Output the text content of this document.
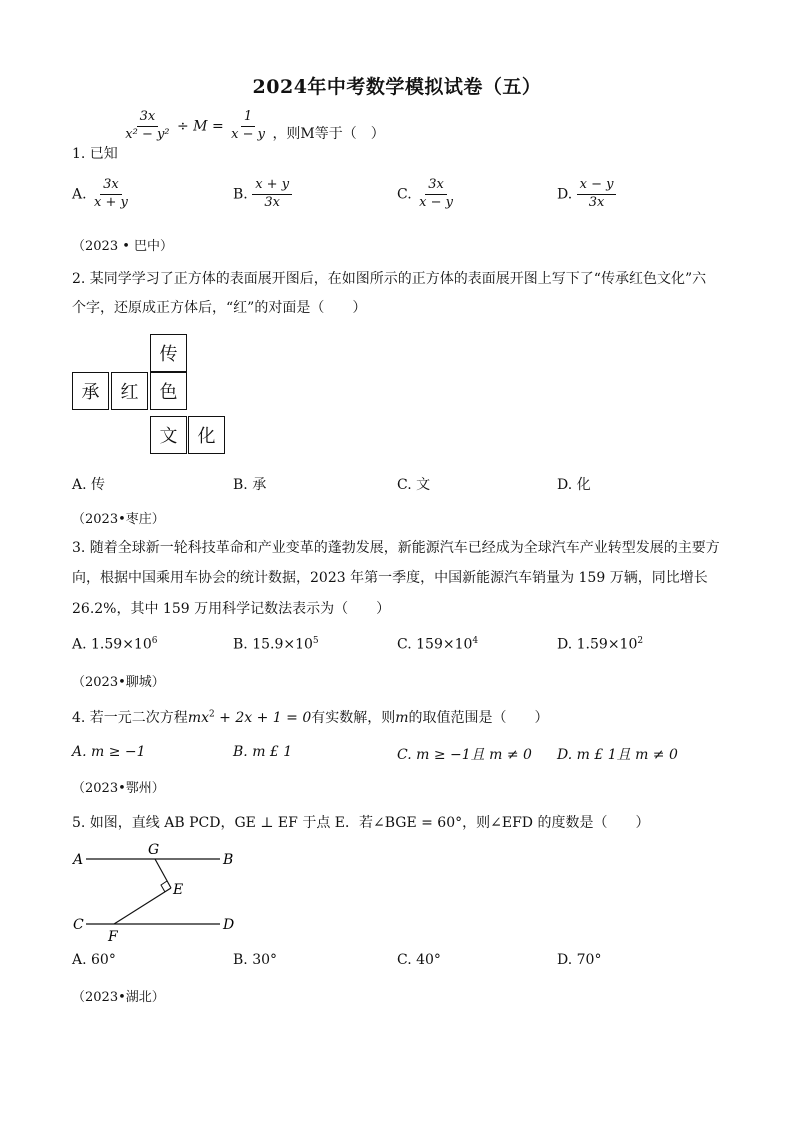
2024年中考数学模拟试卷（五）
1. 已知
$\frac{3x}{\text{x² − y²}} \div M = \frac{1}{x - y}$ ，则M等于（　）
A. $\frac{3x}{x + y}$	B. $\frac{x + y}{3x}$	C. $\frac{3x}{x - y}$	D. $\frac{x - y}{3x}$
（2023 • 巴中）
2. 某同学学习了正方体的表面展开图后，在如图所示的正方体的表面展开图上写下了“传承红色文化”六
个字，还原成正方体后，“红”的对面是（　　）
传
承	红	色
文	化
A. 传	B. 承	C. 文	D. 化
（2023•枣庄）
3. 随着全球新一轮科技革命和产业变革的蓬勃发展，新能源汽车已经成为全球汽车产业转型发展的主要方
向，根据中国乘用车协会的统计数据，2023 年第一季度，中国新能源汽车销量为 159 万辆，同比增长
26.2%，其中 159 万用科学记数法表示为（　　）
A. $1.59\times 10^6$	B. $15.9\times 10^5$	C. $159\times 10^4$	D. $1.59\times 10^2$
（2023•聊城）
4. 若一元二次方程$mx^2 + 2x + 1 = 0$有实数解，则m的取值范围是（　　）
A. m ≥ −1	B. m £ 1	C. m ≥ −1且 m ≠ 0 D. m £ 1且 m ≠ 0
（2023•鄂州）
5. 如图，直线 AB PCD，GE ⊥ EF 于点 E．若∠BGE = 60°，则∠EFD 的度数是（　　）
A
G
B
E
C	D
F
A. 60°	B. 30°	C. 40°	D. 70°
（2023•湖北）
